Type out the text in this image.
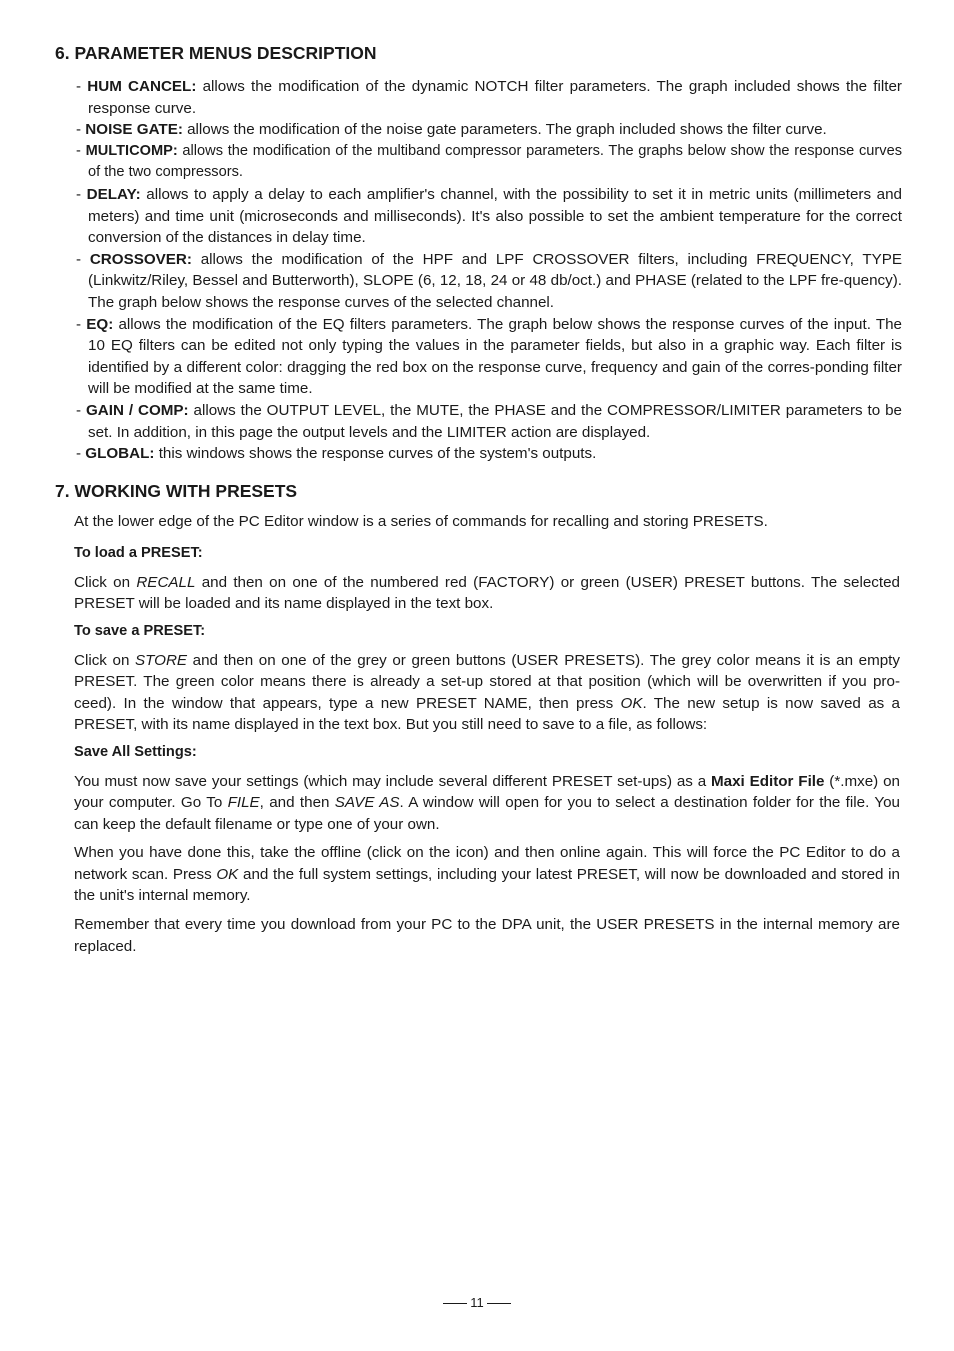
6. PARAMETER MENUS DESCRIPTION
- HUM CANCEL: allows the modification of the dynamic NOTCH filter parameters. The graph included shows the filter response curve.
- NOISE GATE: allows the modification of the noise gate parameters. The graph included shows the filter curve.
- MULTICOMP: allows the modification of the multiband compressor parameters. The graphs below show the response curves of the two compressors.
- DELAY: allows to apply a delay to each amplifier's channel, with the possibility to set it in metric units (millimeters and meters) and time unit (microseconds and milliseconds). It's also possible to set the ambient temperature for the correct conversion of the distances in delay time.
- CROSSOVER: allows the modification of the HPF and LPF CROSSOVER filters, including FREQUENCY, TYPE (Linkwitz/Riley, Bessel and Butterworth), SLOPE (6, 12, 18, 24 or 48 db/oct.) and PHASE (related to the LPF fre-quency). The graph below shows the response curves of the selected channel.
- EQ: allows the modification of the EQ filters parameters. The graph below shows the response curves of the input. The 10 EQ filters can be edited not only typing the values in the parameter fields, but also in a graphic way. Each filter is identified by a different color: dragging the red box on the response curve, frequency and gain of the corres-ponding filter will be modified at the same time.
- GAIN / COMP: allows the OUTPUT LEVEL, the MUTE, the PHASE and the COMPRESSOR/LIMITER parameters to be set. In addition, in this page the output levels and the LIMITER action are displayed.
- GLOBAL: this windows shows the response curves of the system's outputs.
7. WORKING WITH PRESETS

At the lower edge of the PC Editor window is a series of commands for recalling and storing PRESETS.

To load a PRESET:

Click on RECALL and then on one of the numbered red (FACTORY) or green (USER) PRESET buttons. The selected PRESET will be loaded and its name displayed in the text box.

To save a PRESET:

Click on STORE and then on one of the grey or green buttons (USER PRESETS). The grey color means it is an empty PRESET. The green color means there is already a set-up stored at that position (which will be overwritten if you pro-ceed). In the window that appears, type a new PRESET NAME, then press OK. The new setup is now saved as a PRESET, with its name displayed in the text box. But you still need to save to a file, as follows:

Save All Settings:

You must now save your settings (which may include several different PRESET set-ups) as a Maxi Editor File (*.mxe) on your computer. Go To FILE, and then SAVE AS. A window will open for you to select a destination folder for the file. You can keep the default filename or type one of your own.

When you have done this, take the offline (click on the icon) and then online again. This will force the PC Editor to do a network scan. Press OK and the full system settings, including your latest PRESET, will now be downloaded and stored in the unit's internal memory.

Remember that every time you download from your PC to the DPA unit, the USER PRESETS in the internal memory are replaced.

11
